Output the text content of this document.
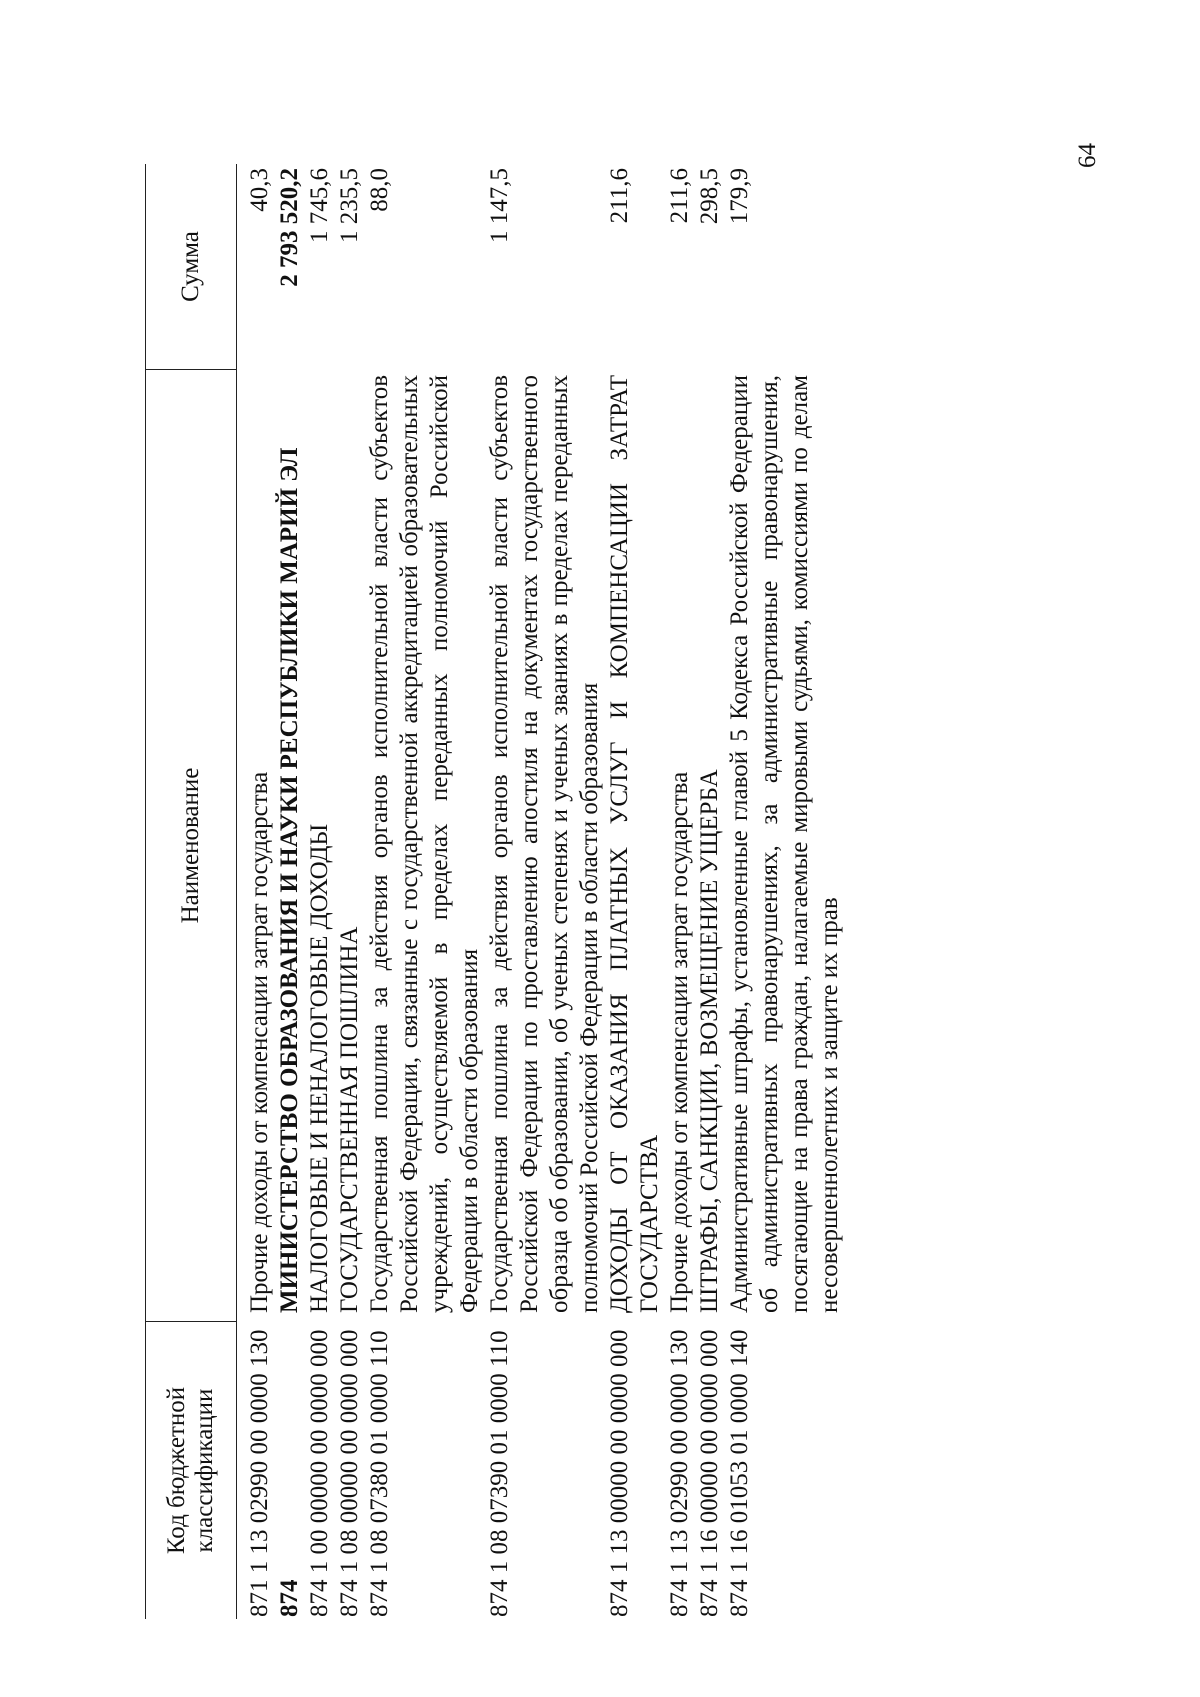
64
Код бюджетной классификации
Наименование
Сумма
871 1 13 02990 00 0000 130
Прочие доходы от компенсации затрат государства
40,3
874
МИНИСТЕРСТВО ОБРАЗОВАНИЯ И НАУКИ РЕСПУБЛИКИ МАРИЙ ЭЛ
2 793 520,2
874 1 00 00000 00 0000 000
НАЛОГОВЫЕ И НЕНАЛОГОВЫЕ ДОХОДЫ
1 745,6
874 1 08 00000 00 0000 000
ГОСУДАРСТВЕННАЯ ПОШЛИНА
1 235,5
874 1 08 07380 01 0000 110
Государственная пошлина за действия органов исполнительной власти субъектов Российской Федерации, связанные с государственной аккредитацией образовательных учреждений, осуществляемой в пределах переданных полномочий Российской Федерации в области образования
88,0
874 1 08 07390 01 0000 110
Государственная пошлина за действия органов исполнительной власти субъектов Российской Федерации по проставлению апостиля на документах государственного образца об образовании, об ученых степенях и ученых званиях в пределах переданных полномочий Российской Федерации в области образования
1 147,5
874 1 13 00000 00 0000 000
ДОХОДЫ ОТ ОКАЗАНИЯ ПЛАТНЫХ УСЛУГ И КОМПЕНСАЦИИ ЗАТРАТ ГОСУДАРСТВА
211,6
874 1 13 02990 00 0000 130
Прочие доходы от компенсации затрат государства
211,6
874 1 16 00000 00 0000 000
ШТРАФЫ, САНКЦИИ, ВОЗМЕЩЕНИЕ УЩЕРБА
298,5
874 1 16 01053 01 0000 140
Административные штрафы, установленные главой 5 Кодекса Российской Федерации об административных правонарушениях, за административные правонарушения, посягающие на права граждан, налагаемые мировыми судьями, комиссиями по делам несовершеннолетних и защите их прав
179,9
